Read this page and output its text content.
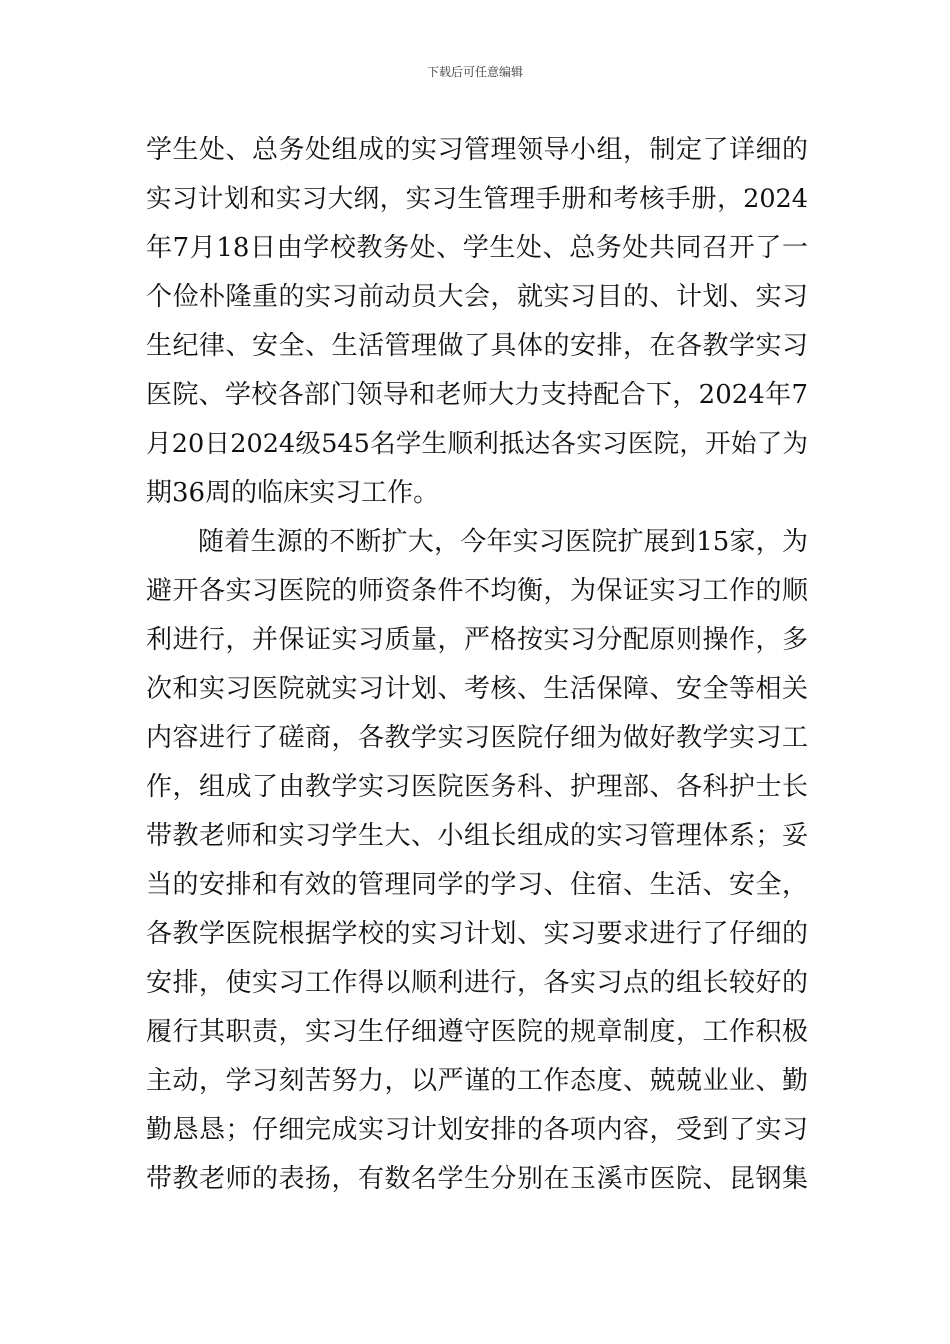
下载后可任意编辑
学生处、总务处组成的实习管理领导小组，制定了详细的
实习计划和实习大纲，实习生管理手册和考核手册，2024
年7月18日由学校教务处、学生处、总务处共同召开了一
个俭朴隆重的实习前动员大会，就实习目的、计划、实习
生纪律、安全、生活管理做了具体的安排，在各教学实习
医院、学校各部门领导和老师大力支持配合下，2024年7
月20日2024级545名学生顺利抵达各实习医院，开始了为
期36周的临床实习工作。
随着生源的不断扩大，今年实习医院扩展到15家，为
避开各实习医院的师资条件不均衡，为保证实习工作的顺
利进行，并保证实习质量，严格按实习分配原则操作，多
次和实习医院就实习计划、考核、生活保障、安全等相关
内容进行了磋商，各教学实习医院仔细为做好教学实习工
作，组成了由教学实习医院医务科、护理部、各科护士长
带教老师和实习学生大、小组长组成的实习管理体系；妥
当的安排和有效的管理同学的学习、住宿、生活、安全，
各教学医院根据学校的实习计划、实习要求进行了仔细的
安排，使实习工作得以顺利进行，各实习点的组长较好的
履行其职责，实习生仔细遵守医院的规章制度，工作积极
主动，学习刻苦努力，以严谨的工作态度、兢兢业业、勤
勤恳恳；仔细完成实习计划安排的各项内容，受到了实习
带教老师的表扬，有数名学生分别在玉溪市医院、昆钢集
